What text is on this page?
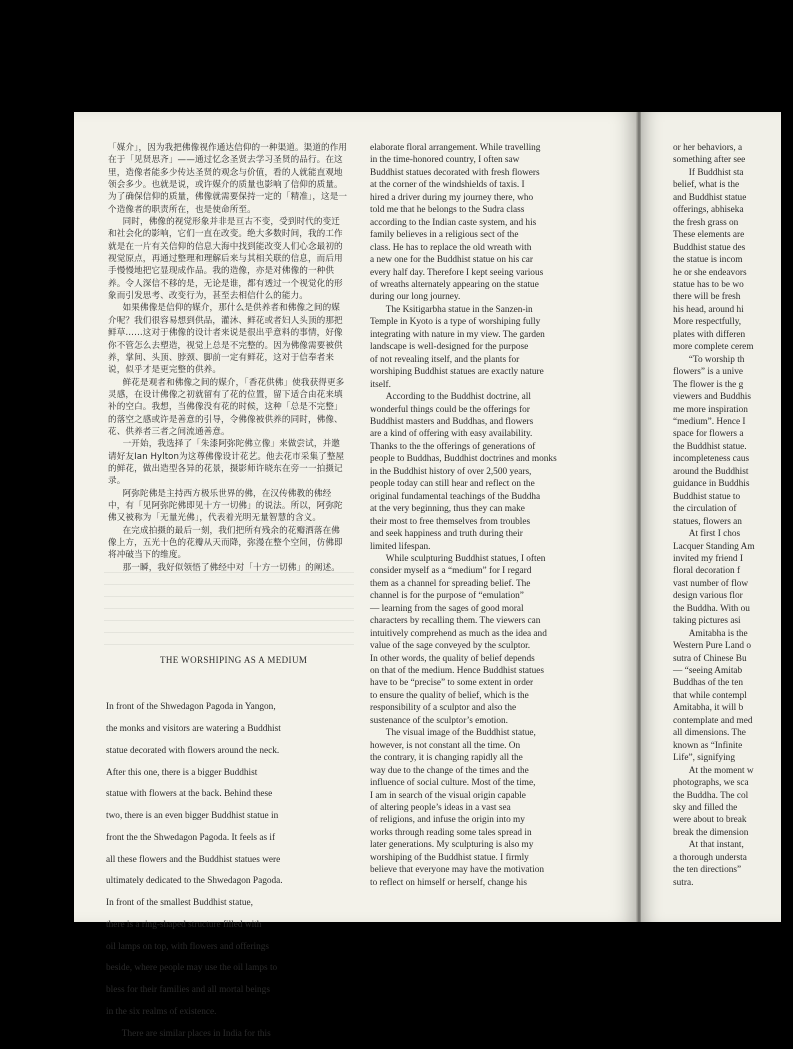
「媒介」，因为我把佛像视作通达信仰的一种渠道。渠道的作用在于「见贤思齐」——通过忆念圣贤去学习圣贤的品行。在这里，造像者能多少传达圣贤的观念与价值，看的人就能直观地领会多少。也就是说，或许媒介的质量也影响了信仰的质量。为了确保信仰的质量，佛像就需要保持一定的「精准」，这是一个造像者的职责所在，也是使命所至。

同时，佛像的视觉形象并非是亘古不变，受到时代的变迁和社会化的影响，它们一直在改变。绝大多数时间，我的工作就是在一片有关信仰的信息大海中找到能改变人们心念最初的视觉原点，再通过整理和理解后来与其相关联的信息，而后用手慢慢地把它显现成作品。我的造像，亦是对佛像的一种供养。令人深信不移的是，无论是谁，都有透过一个视觉化的形象而引发思考、改变行为，甚至去相信什么的能力。

如果佛像是信仰的媒介，那什么是供养者和佛像之间的媒介呢？我们很容易想到供品，灌沐、鲜花或者妇人头顶的那把鲜草……这对于佛像的设计者来说是很出乎意料的事情，好像你不管怎么去塑造，视觉上总是不完整的。因为佛像需要被供养，掌间、头顶、脖颈、脚前一定有鲜花，这对于信奉者来说，似乎才是更完整的供养。

鲜花是观者和佛像之间的媒介，「香花供佛」使我获得更多灵感，在设计佛像之初就留有了花的位置，留下适合由花来填补的空白。我想，当佛像没有花的时候，这种「总是不完整」的落空之感或许是善意的引导，令佛像被供养的同时，佛像、花、供养者三者之间流通善意。

一开始，我选择了「朱漆阿弥陀佛立像」来做尝试，并邀请好友Ian Hylton为这尊佛像设计花艺。他去花市采集了整屋的鲜花，做出造型各异的花景，摄影师许晓东在旁一一拍摄记录。

阿弥陀佛是主持西方极乐世界的佛，在汉传佛教的佛经中，有「见阿弥陀佛即见十方一切佛」的说法。所以，阿弥陀佛又被称为「无量光佛」，代表着光明无量智慧的含义。

在完成拍摄的最后一刻，我们把所有残余的花瓣洒落在佛像上方，五光十色的花瓣从天而降，弥漫在整个空间，仿佛即将冲破当下的维度。

那一瞬，我好似领悟了佛经中对「十方一切佛」的阐述。

THE WORSHIPING AS A MEDIUM

In front of the Shwedagon Pagoda in Yangon,

the monks and visitors are watering a Buddhist

statue decorated with flowers around the neck.

After this one, there is a bigger Buddhist

statue with flowers at the back. Behind these

two, there is an even bigger Buddhist statue in

front the the Shwedagon Pagoda. It feels as if

all these flowers and the Buddhist statues were

ultimately dedicated to the Shwedagon Pagoda.

In front of the smallest Buddhist statue,

there is a ring-shaped structure filled with

oil lamps on top, with flowers and offerings

beside, where people may use the oil lamps to

bless for their families and all mortal beings

in the six realms of existence.

There are similar places in India for this

elaborate floral arrangement. While travelling

in the time-honored country, I often saw

Buddhist statues decorated with fresh flowers

at the corner of the windshields of taxis. I

hired a driver during my journey there, who

told me that he belongs to the Sudra class

according to the Indian caste system, and his

family believes in a religious sect of the

class. He has to replace the old wreath with

a new one for the Buddhist statue on his car

every half day. Therefore I kept seeing various

of wreaths alternately appearing on the statue

during our long journey.

The Ksitigarbha statue in the Sanzen-in

Temple in Kyoto is a type of worshiping fully

integrating with nature in my view. The garden

landscape is well-designed for the purpose

of not revealing itself, and the plants for

worshiping Buddhist statues are exactly nature

itself.

According to the Buddhist doctrine, all

wonderful things could be the offerings for

Buddhist masters and Buddhas, and flowers

are a kind of offering with easy availability.

Thanks to the the offerings of generations of

people to Buddhas, Buddhist doctrines and monks

in the Buddhist history of over 2,500 years,

people today can still hear and reflect on the

original fundamental teachings of the Buddha

at the very beginning, thus they can make

their most to free themselves from troubles

and seek happiness and truth during their

limited lifespan.

While sculpturing Buddhist statues, I often

consider myself as a “medium” for I regard

them as a channel for spreading belief. The

channel is for the purpose of “emulation”

— learning from the sages of good moral

characters by recalling them. The viewers can

intuitively comprehend as much as the idea and

value of the sage conveyed by the sculptor.

In other words, the quality of belief depends

on that of the medium. Hence Buddhist statues

have to be “precise” to some extent in order

to ensure the quality of belief, which is the

responsibility of a sculptor and also the

sustenance of the sculptor’s emotion.

The visual image of the Buddhist statue,

however, is not constant all the time. On

the contrary, it is changing rapidly all the

way due to the change of the times and the

influence of social culture. Most of the time,

I am in search of the visual origin capable

of altering people’s ideas in a vast sea

of religions, and infuse the origin into my

works through reading some tales spread in

later generations. My sculpturing is also my

worshiping of the Buddhist statue. I firmly

believe that everyone may have the motivation

to reflect on himself or herself, change his

or her behaviors, a

something after see

If Buddhist sta

belief, what is the

and Buddhist statue

offerings, abhiseka

the fresh grass on

These elements are

Buddhist statue des

the statue is incom

he or she endeavors

statue has to be wo

there will be fresh

his head, around hi

More respectfully,

plates with differen

more complete cerem

“To worship th

flowers” is a unive

The flower is the g

viewers and Buddhis

me more inspiration

“medium”. Hence I

space for flowers a

the Buddhist statue.

incompleteness caus

around the Buddhist

guidance in Buddhis

Buddhist statue to

the circulation of

statues, flowers an

At first I chos

Lacquer Standing Am

invited my friend I

floral decoration f

vast number of flow

design various flor

the Buddha. With ou

taking pictures asi

Amitabha is the

Western Pure Land o

sutra of Chinese Bu

— “seeing Amitab

Buddhas of the ten

that while contempl

Amitabha, it will b

contemplate and med

all dimensions. The

known as “Infinite

Life”, signifying

At the moment w

photographs, we sca

the Buddha. The col

sky and filled the

were about to break

break the dimension

At that instant,

a thorough understa

the ten directions”

sutra.
